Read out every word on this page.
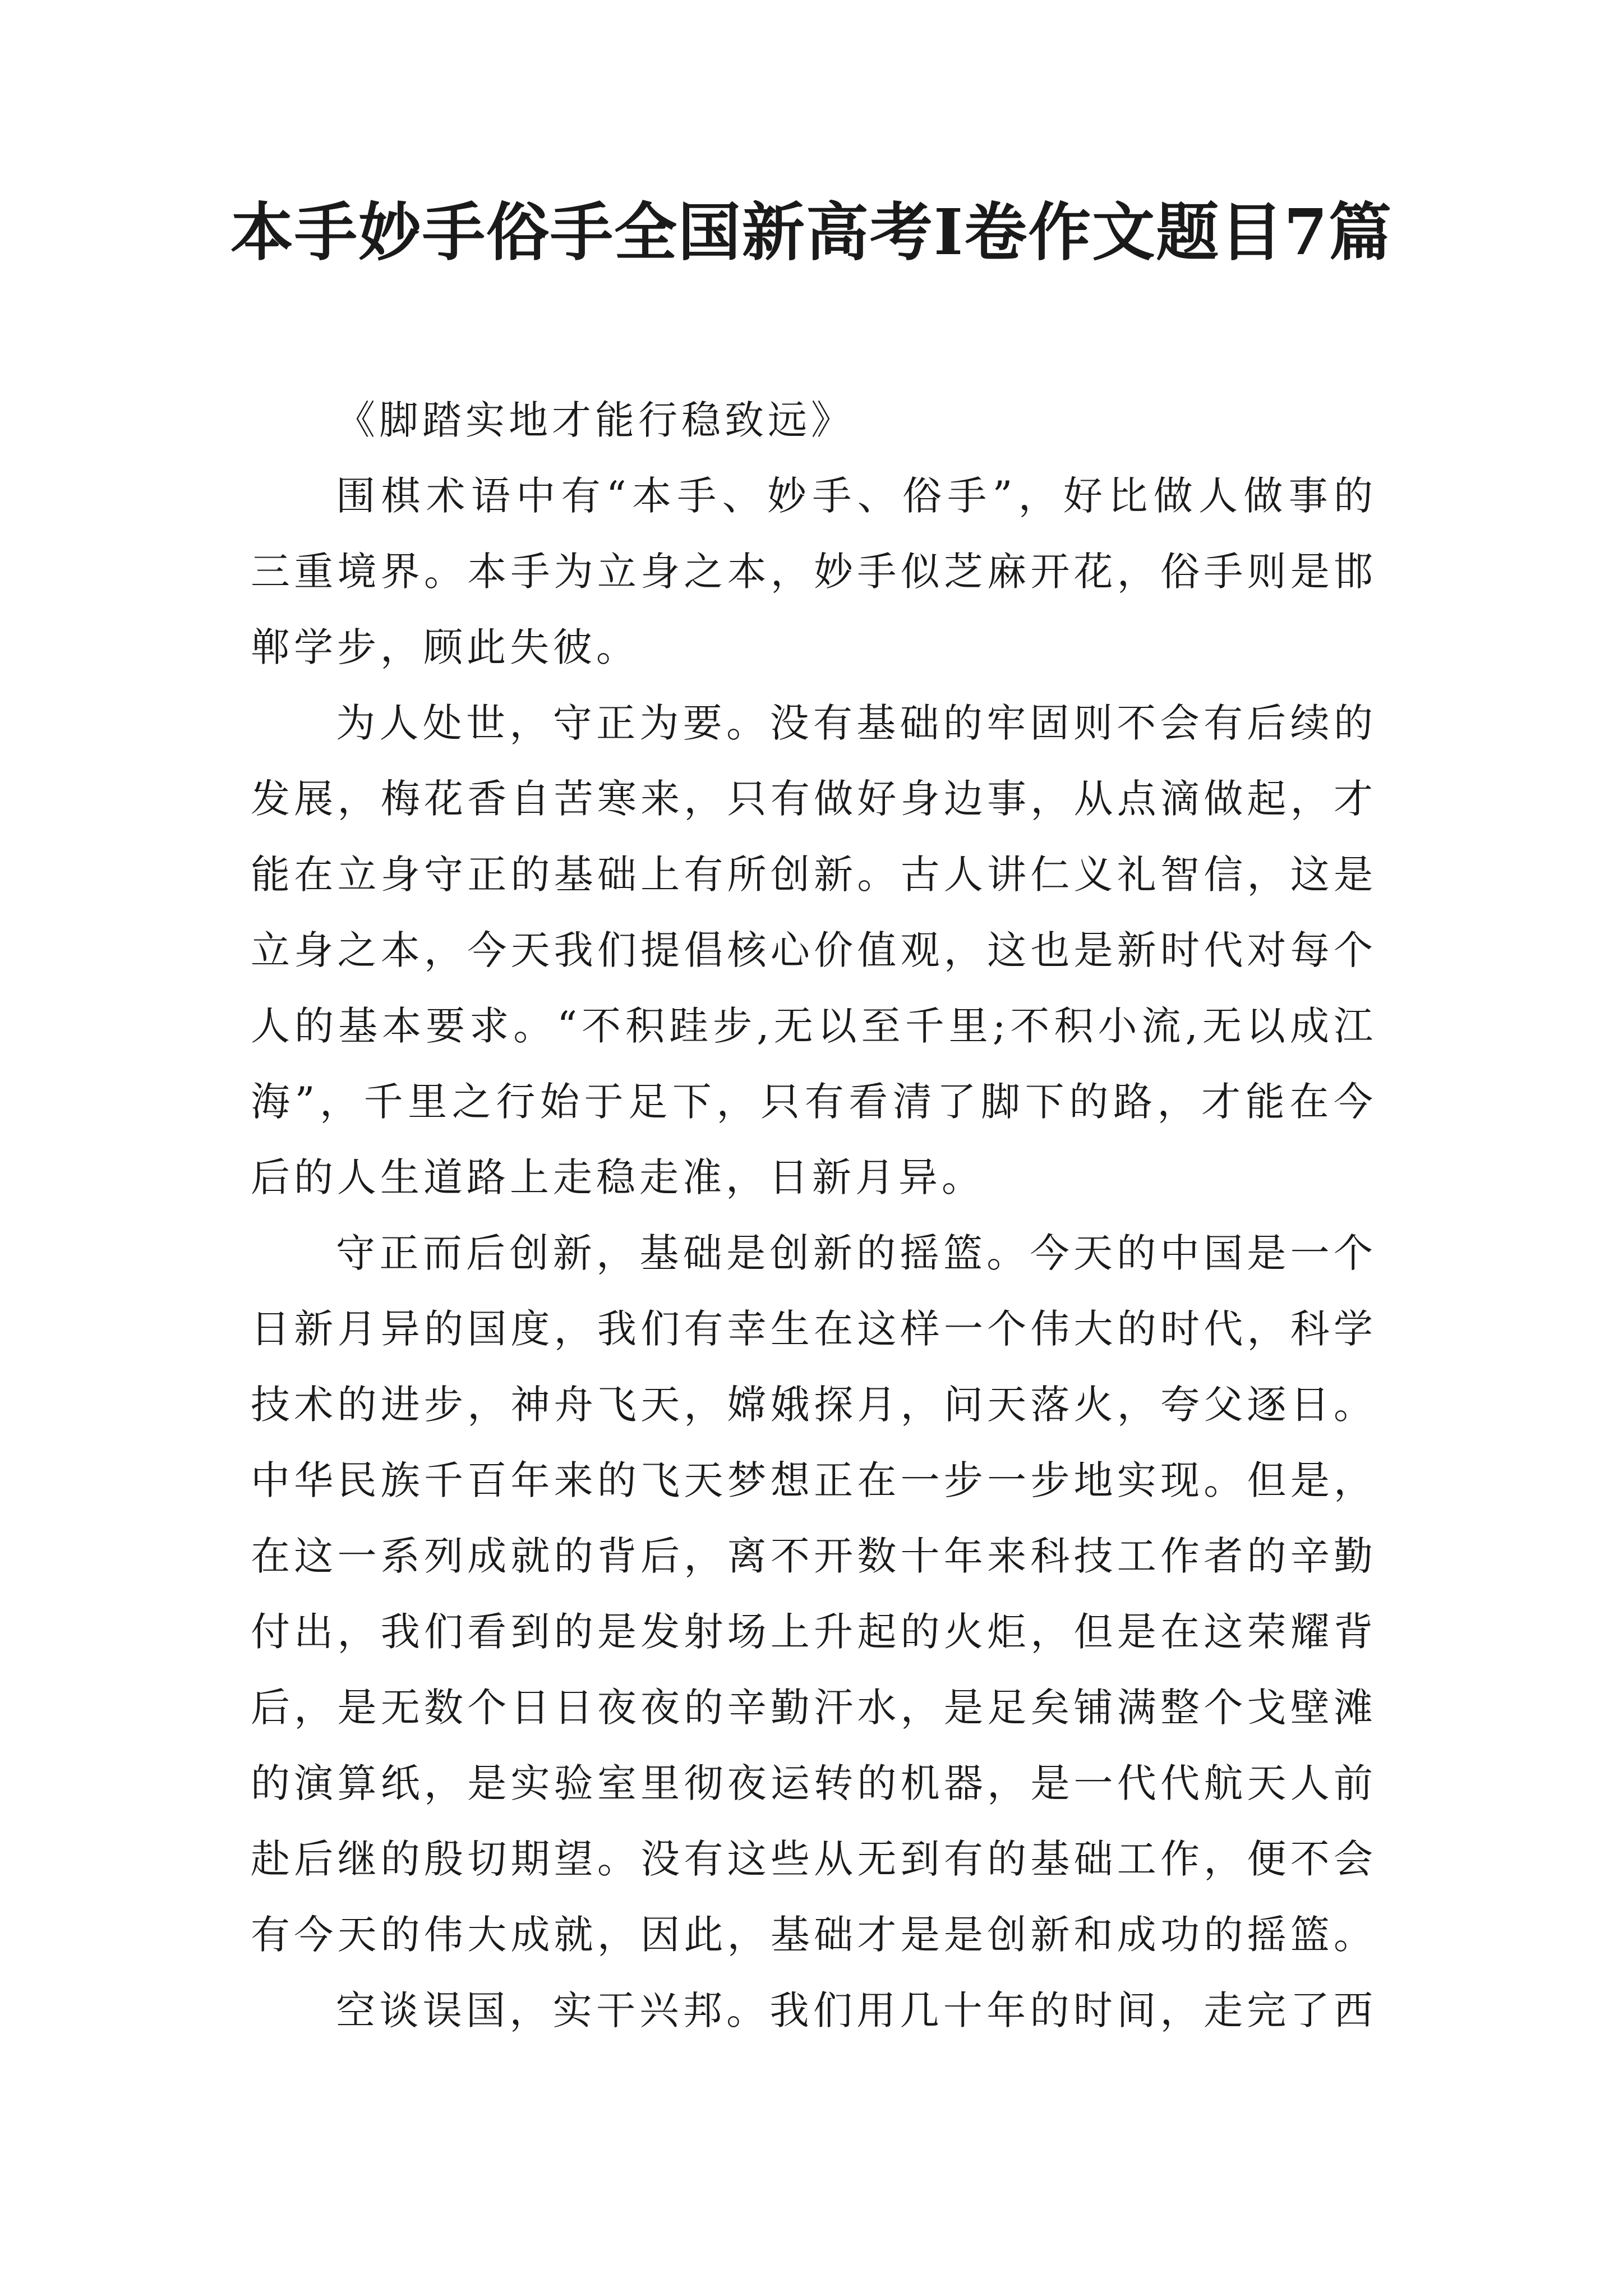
本手妙手俗手全国新高考Ⅰ卷作文题目7篇
《脚踏实地才能行稳致远》
围棋术语中有“本手、妙手、俗手”，好比做人做事的
三重境界。本手为立身之本，妙手似芝麻开花，俗手则是邯
郸学步，顾此失彼。
为人处世，守正为要。没有基础的牢固则不会有后续的
发展，梅花香自苦寒来，只有做好身边事，从点滴做起，才
能在立身守正的基础上有所创新。古人讲仁义礼智信，这是
立身之本，今天我们提倡核心价值观，这也是新时代对每个
人的基本要求。“不积跬步,无以至千里;不积小流,无以成江
海”，千里之行始于足下，只有看清了脚下的路，才能在今
后的人生道路上走稳走准，日新月异。
守正而后创新，基础是创新的摇篮。今天的中国是一个
日新月异的国度，我们有幸生在这样一个伟大的时代，科学
技术的进步，神舟飞天，嫦娥探月，问天落火，夸父逐日。
中华民族千百年来的飞天梦想正在一步一步地实现。但是，
在这一系列成就的背后，离不开数十年来科技工作者的辛勤
付出，我们看到的是发射场上升起的火炬，但是在这荣耀背
后，是无数个日日夜夜的辛勤汗水，是足矣铺满整个戈壁滩
的演算纸，是实验室里彻夜运转的机器，是一代代航天人前
赴后继的殷切期望。没有这些从无到有的基础工作，便不会
有今天的伟大成就，因此，基础才是是创新和成功的摇篮。
空谈误国，实干兴邦。我们用几十年的时间，走完了西
